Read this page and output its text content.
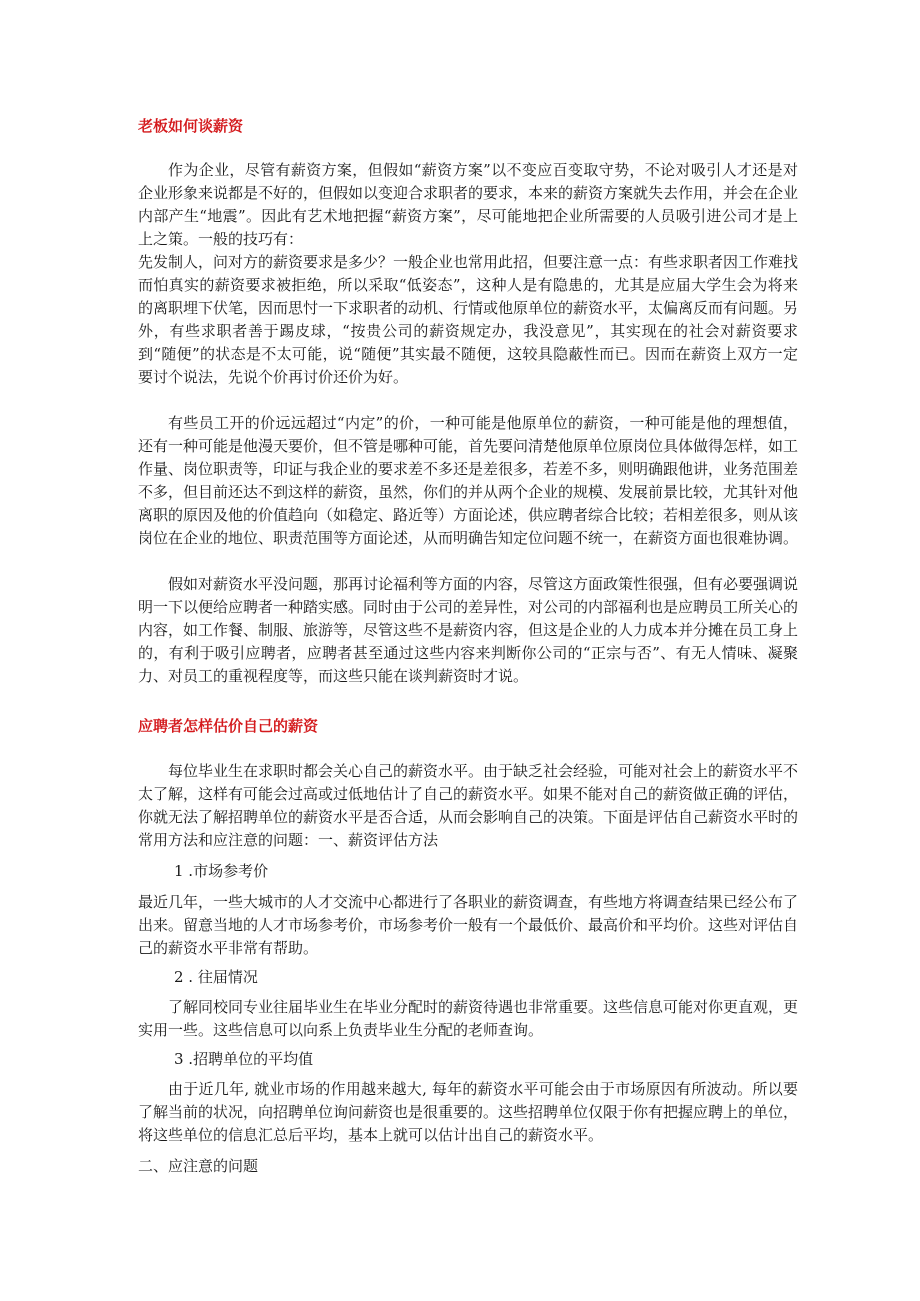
老板如何谈薪资

作为企业，尽管有薪资方案，但假如“薪资方案”以不变应百变取守势，不论对吸引人才还是对企业形象来说都是不好的，但假如以变迎合求职者的要求，本来的薪资方案就失去作用，并会在企业内部产生“地震”。因此有艺术地把握“薪资方案”，尽可能地把企业所需要的人员吸引进公司才是上上之策。一般的技巧有：

先发制人，问对方的薪资要求是多少？一般企业也常用此招，但要注意一点：有些求职者因工作难找而怕真实的薪资要求被拒绝，所以采取“低姿态”，这种人是有隐患的，尤其是应届大学生会为将来的离职埋下伏笔，因而思忖一下求职者的动机、行情或他原单位的薪资水平，太偏离反而有问题。另外，有些求职者善于踢皮球，“按贵公司的薪资规定办，我没意见”，其实现在的社会对薪资要求到“随便”的状态是不太可能，说“随便”其实最不随便，这较具隐蔽性而已。因而在薪资上双方一定要讨个说法，先说个价再讨价还价为好。

有些员工开的价远远超过“内定”的价，一种可能是他原单位的薪资，一种可能是他的理想值，还有一种可能是他漫天要价，但不管是哪种可能，首先要问清楚他原单位原岗位具体做得怎样，如工作量、岗位职责等，印证与我企业的要求差不多还是差很多，若差不多，则明确跟他讲，业务范围差不多，但目前还达不到这样的薪资，虽然，你们的并从两个企业的规模、发展前景比较，尤其针对他离职的原因及他的价值趋向（如稳定、路近等）方面论述，供应聘者综合比较；若相差很多，则从该岗位在企业的地位、职责范围等方面论述，从而明确告知定位问题不统一，在薪资方面也很难协调。

假如对薪资水平没问题，那再讨论福利等方面的内容，尽管这方面政策性很强，但有必要强调说明一下以便给应聘者一种踏实感。同时由于公司的差异性，对公司的内部福利也是应聘员工所关心的内容，如工作餐、制服、旅游等，尽管这些不是薪资内容，但这是企业的人力成本并分摊在员工身上的，有利于吸引应聘者，应聘者甚至通过这些内容来判断你公司的“正宗与否”、有无人情味、凝聚力、对员工的重视程度等，而这些只能在谈判薪资时才说。

应聘者怎样估价自己的薪资

每位毕业生在求职时都会关心自己的薪资水平。由于缺乏社会经验，可能对社会上的薪资水平不太了解，这样有可能会过高或过低地估计了自己的薪资水平。如果不能对自己的薪资做正确的评估，你就无法了解招聘单位的薪资水平是否合适，从而会影响自己的决策。下面是评估自己薪资水平时的常用方法和应注意的问题：一、薪资评估方法

1 .市场参考价

最近几年，一些大城市的人才交流中心都进行了各职业的薪资调查，有些地方将调查结果已经公布了出来。留意当地的人才市场参考价，市场参考价一般有一个最低价、最高价和平均价。这些对评估自己的薪资水平非常有帮助。

2 . 往届情况

了解同校同专业往届毕业生在毕业分配时的薪资待遇也非常重要。这些信息可能对你更直观，更实用一些。这些信息可以向系上负责毕业生分配的老师查询。

3 .招聘单位的平均值

由于近几年, 就业市场的作用越来越大, 每年的薪资水平可能会由于市场原因有所波动。所以要了解当前的状况，向招聘单位询问薪资也是很重要的。这些招聘单位仅限于你有把握应聘上的单位，将这些单位的信息汇总后平均，基本上就可以估计出自己的薪资水平。

二、应注意的问题
